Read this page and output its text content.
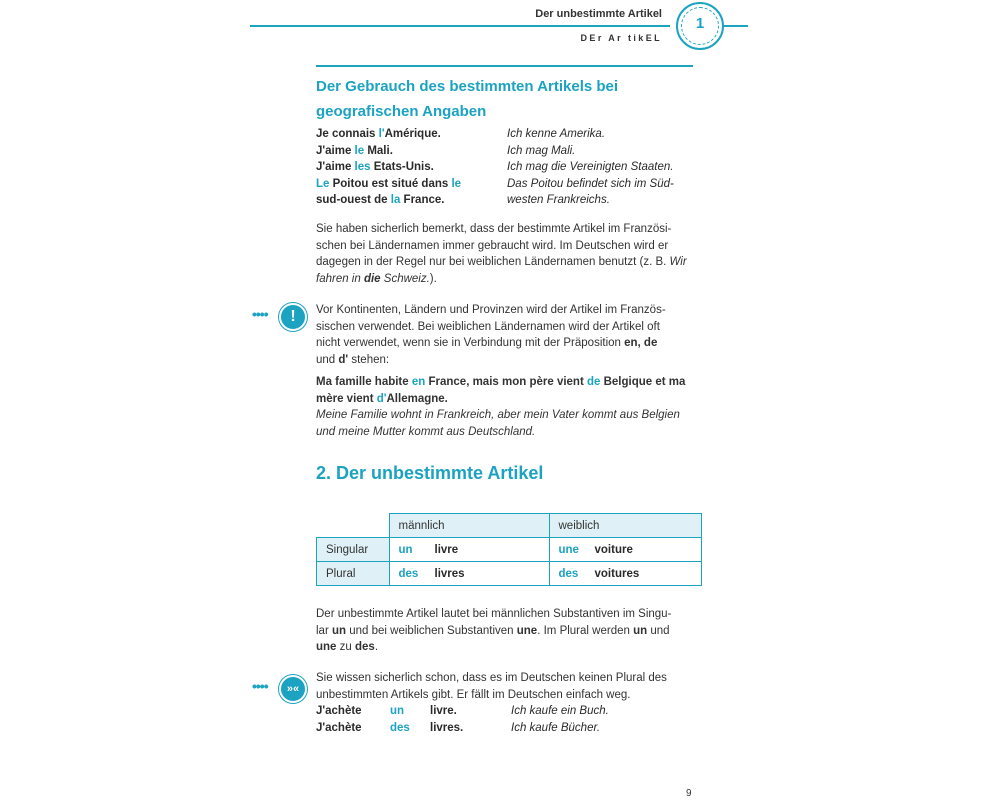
Der unbestimmte Artikel
DEr Ar tikEL
1
Der Gebrauch des bestimmten Artikels bei geografischen Angaben
Je connais l'Amérique.	Ich kenne Amerika.
J'aime le Mali.	Ich mag Mali.
J'aime les Etats-Unis.	Ich mag die Vereinigten Staaten.
Le Poitou est situé dans le	Das Poitou befindet sich im Süd-
sud-ouest de la France.	westen Frankreichs.
Sie haben sicherlich bemerkt, dass der bestimmte Artikel im Französi-
schen bei Ländernamen immer gebraucht wird. Im Deutschen wird er
dagegen in der Regel nur bei weiblichen Ländernamen benutzt (z. B. Wir
fahren in die Schweiz.).
••••	!	Vor Kontinenten, Ländern und Provinzen wird der Artikel im Französ-
sischen verwendet. Bei weiblichen Ländernamen wird der Artikel oft
nicht verwendet, wenn sie in Verbindung mit der Präposition en, de
und d' stehen:
Ma famille habite en France, mais mon père vient de Belgique et ma
mère vient d'Allemagne.
Meine Familie wohnt in Frankreich, aber mein Vater kommt aus Belgien
und meine Mutter kommt aus Deutschland.
2. Der unbestimmte Artikel
	männlich	weiblich
Singular	un livre	une voiture
Plural	des livres	des voitures
Der unbestimmte Artikel lautet bei männlichen Substantiven im Singu-
lar un und bei weiblichen Substantiven une. Im Plural werden un und
une zu des.
••••	»«
Sie wissen sicherlich schon, dass es im Deutschen keinen Plural des
unbestimmten Artikels gibt. Er fällt im Deutschen einfach weg.
J'achète un livre.	Ich kaufe ein Buch.
J'achète des livres.	Ich kaufe Bücher.
9
